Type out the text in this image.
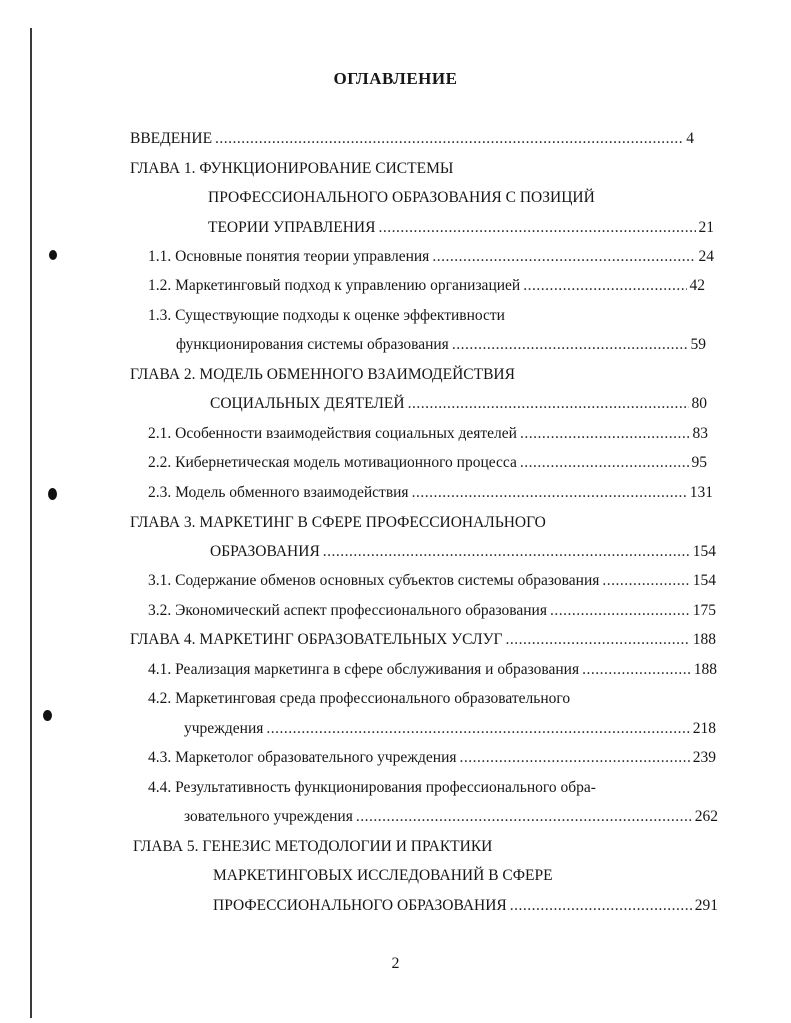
ОГЛАВЛЕНИЕ
ВВЕДЕНИЕ .....	4
ГЛАВА 1. ФУНКЦИОНИРОВАНИЕ СИСТЕМЫ
ПРОФЕССИОНАЛЬНОГО ОБРАЗОВАНИЯ С ПОЗИЦИЙ
ТЕОРИИ УПРАВЛЕНИЯ .....	21
1.1. Основные понятия теории управления .....	24
1.2. Маркетинговый подход к управлению организацией .....	42
1.3. Существующие подходы к оценке эффективности
функционирования системы образования .....	59
ГЛАВА 2. МОДЕЛЬ ОБМЕННОГО ВЗАИМОДЕЙСТВИЯ
СОЦИАЛЬНЫХ ДЕЯТЕЛЕЙ .....	80
2.1. Особенности взаимодействия социальных деятелей .....	83
2.2. Кибернетическая модель мотивационного процесса .....	95
2.3. Модель обменного взаимодействия .....	131
ГЛАВА 3. МАРКЕТИНГ В СФЕРЕ ПРОФЕССИОНАЛЬНОГО
ОБРАЗОВАНИЯ .....	154
3.1. Содержание обменов основных субъектов системы образования .....	154
3.2. Экономический аспект профессионального образования .....	175
ГЛАВА 4. МАРКЕТИНГ ОБРАЗОВАТЕЛЬНЫХ УСЛУГ .....	188
4.1. Реализация маркетинга в сфере обслуживания и образования .....	188
4.2. Маркетинговая среда профессионального образовательного
учреждения .....	218
4.3. Маркетолог образовательного учреждения .....	239
4.4. Результативность функционирования профессионального обра-
зовательного учреждения .....	262
ГЛАВА 5. ГЕНЕЗИС МЕТОДОЛОГИИ И ПРАКТИКИ
МАРКЕТИНГОВЫХ ИССЛЕДОВАНИЙ В СФЕРЕ
ПРОФЕССИОНАЛЬНОГО ОБРАЗОВАНИЯ .....	291
2
